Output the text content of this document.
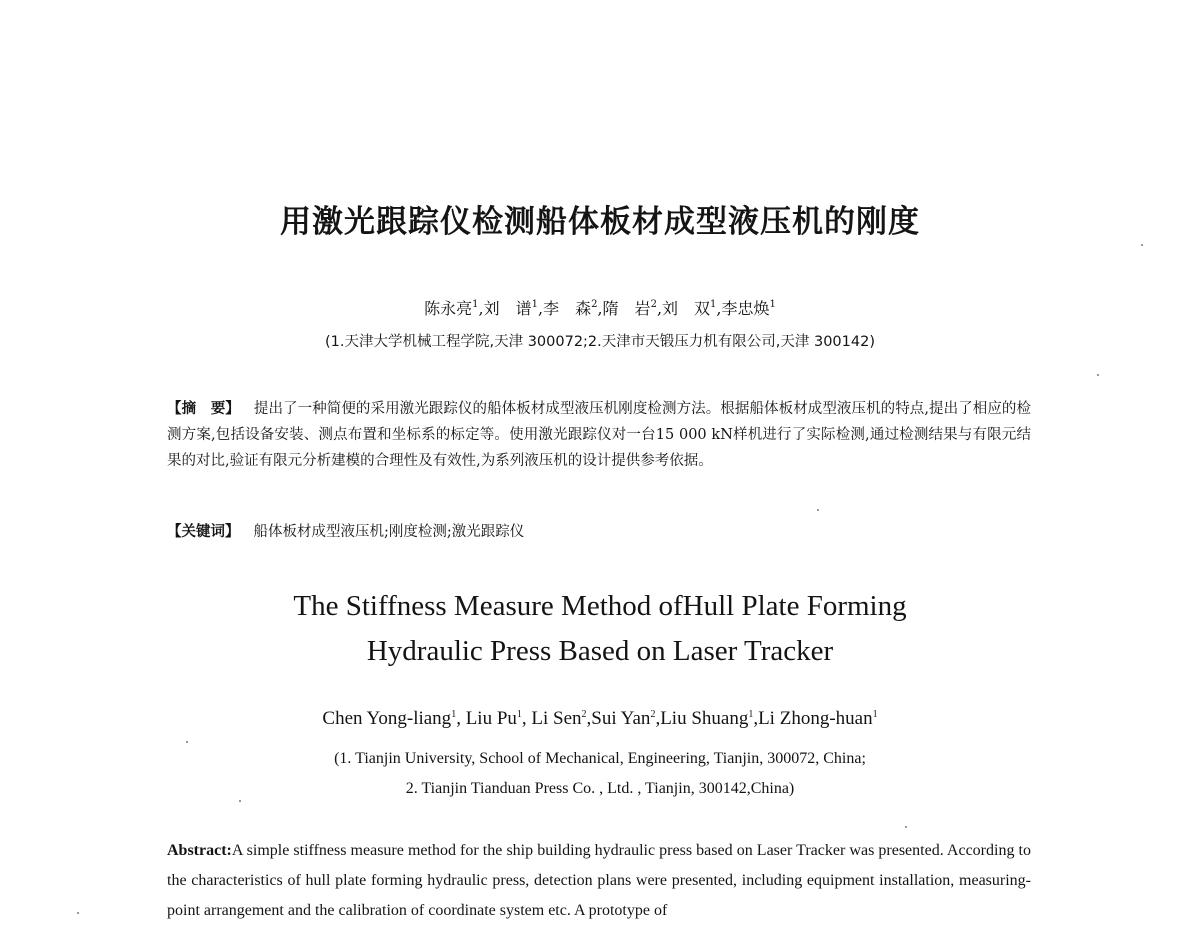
用激光跟踪仪检测船体板材成型液压机的刚度
陈永亮$^1$,刘　谱$^1$,李　森$^2$,隋　岩$^2$,刘　双$^1$,李忠焕$^1$
(1.天津大学机械工程学院,天津 300072;2.天津市天锻压力机有限公司,天津 300142)
【摘　要】 提出了一种简便的采用激光跟踪仪的船体板材成型液压机刚度检测方法。根据船体板材成型液压机的特点,提出了相应的检测方案,包括设备安装、测点布置和坐标系的标定等。使用激光跟踪仪对一台15 000 kN样机进行了实际检测,通过检测结果与有限元结果的对比,验证有限元分析建模的合理性及有效性,为系列液压机的设计提供参考依据。
【关键词】 船体板材成型液压机;刚度检测;激光跟踪仪
The Stiffness Measure Method ofHull Plate Forming
Hydraulic Press Based on Laser Tracker
Chen Yong-liang$^1$, Liu Pu$^1$, Li Sen$^2$,Sui Yan$^2$,Liu Shuang$^1$,Li Zhong-huan$^1$
(1. Tianjin University, School of Mechanical, Engineering, Tianjin, 300072, China;
2. Tianjin Tianduan Press Co. , Ltd. , Tianjin, 300142,China)
Abstract:A simple stiffness measure method for the ship building hydraulic press based on Laser Tracker was presented. According to the characteristics of hull plate forming hydraulic press, detection plans were presented, including equipment installation, measuring-point arrangement and the calibration of coordinate system etc. A prototype of
